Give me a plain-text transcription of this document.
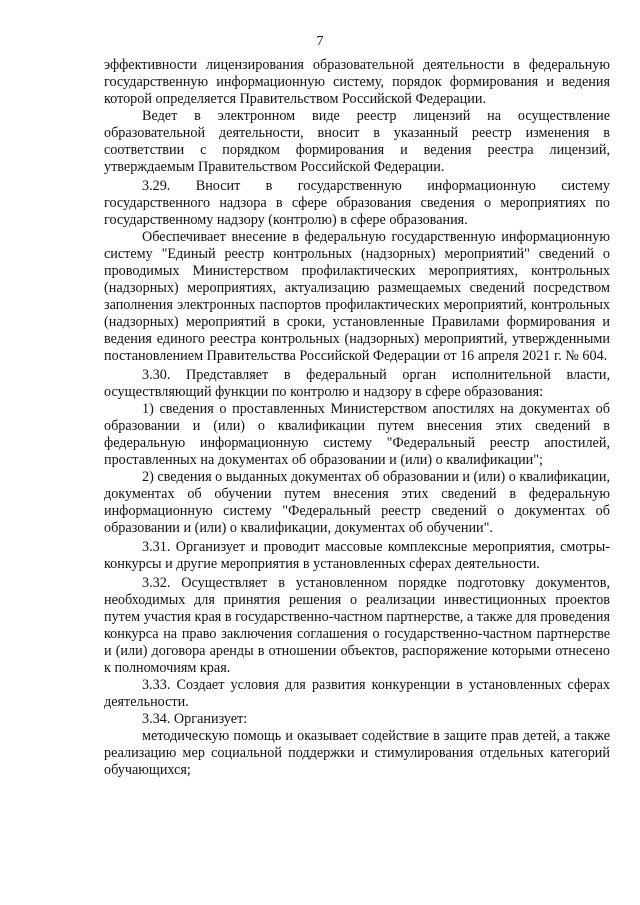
7

эффективности лицензирования образовательной деятельности в федеральную государственную информационную систему, порядок формирования и ведения которой определяется Правительством Российской Федерации.

Ведет в электронном виде реестр лицензий на осуществление образовательной деятельности, вносит в указанный реестр изменения в соответствии с порядком формирования и ведения реестра лицензий, утверждаемым Правительством Российской Федерации.

3.29. Вносит в государственную информационную систему государственного надзора в сфере образования сведения о мероприятиях по государственному надзору (контролю) в сфере образования.

Обеспечивает внесение в федеральную государственную информационную систему "Единый реестр контрольных (надзорных) мероприятий" сведений о проводимых Министерством профилактических мероприятиях, контрольных (надзорных) мероприятиях, актуализацию размещаемых сведений посредством заполнения электронных паспортов профилактических мероприятий, контрольных (надзорных) мероприятий в сроки, установленные Правилами формирования и ведения единого реестра контрольных (надзорных) мероприятий, утвержденными постановлением Правительства Российской Федерации от 16 апреля 2021 г. № 604.

3.30. Представляет в федеральный орган исполнительной власти, осуществляющий функции по контролю и надзору в сфере образования:

1) сведения о проставленных Министерством апостилях на документах об образовании и (или) о квалификации путем внесения этих сведений в федеральную информационную систему "Федеральный реестр апостилей, проставленных на документах об образовании и (или) о квалификации";

2) сведения о выданных документах об образовании и (или) о квалификации, документах об обучении путем внесения этих сведений в федеральную информационную систему "Федеральный реестр сведений о документах об образовании и (или) о квалификации, документах об обучении".

3.31. Организует и проводит массовые комплексные мероприятия, смотры-конкурсы и другие мероприятия в установленных сферах деятельности.

3.32. Осуществляет в установленном порядке подготовку документов, необходимых для принятия решения о реализации инвестиционных проектов путем участия края в государственно-частном партнерстве, а также для проведения конкурса на право заключения соглашения о государственно-частном партнерстве и (или) договора аренды в отношении объектов, распоряжение которыми отнесено к полномочиям края.

3.33. Создает условия для развития конкуренции в установленных сферах деятельности.

3.34. Организует:

методическую помощь и оказывает содействие в защите прав детей, а также реализацию мер социальной поддержки и стимулирования отдельных категорий обучающихся;
